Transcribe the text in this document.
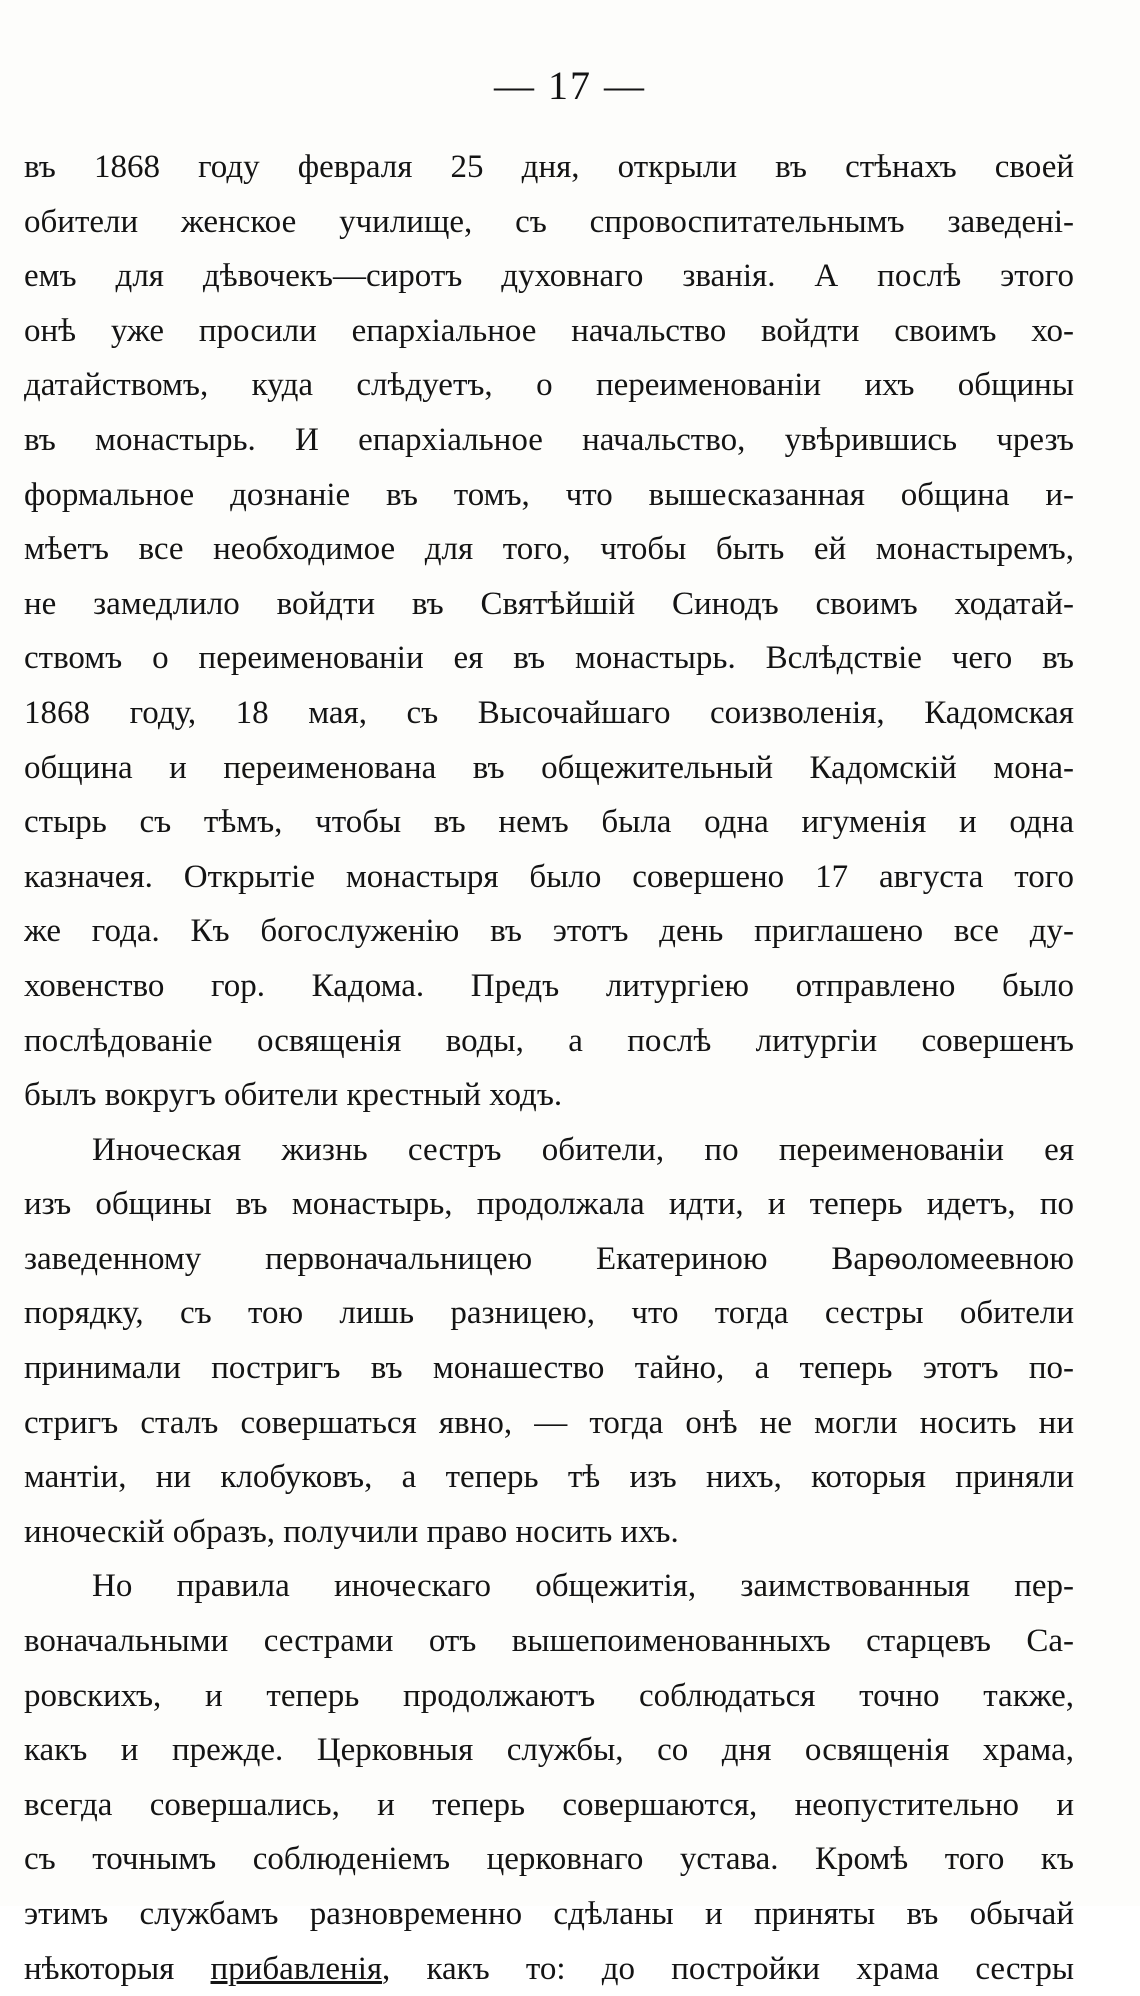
— 17 —
въ 1868 году февраля 25 дня, открыли въ стѣнахъ своей
обители женское училище, съ спровоспитательнымъ заведені-
емъ для дѣвочекъ—сиротъ духовнаго званія. А послѣ этого
онѣ уже просили епархіальное начальство войдти своимъ хо-
датайствомъ, куда слѣдуетъ, о переименованіи ихъ общины
въ монастырь. И епархіальное начальство, увѣрившись чрезъ
формальное дознаніе въ томъ, что вышесказанная община и-
мѣетъ все необходимое для того, чтобы быть ей монастыремъ,
не замедлило войдти въ Святѣйшій Синодъ своимъ ходатай-
ствомъ о переименованіи ея въ монастырь. Вслѣдствіе чего въ
1868 году, 18 мая, съ Высочайшаго соизволенія, Кадомская
община и переименована въ общежительный Кадомскій мона-
стырь съ тѣмъ, чтобы въ немъ была одна игуменія и одна
казначея. Открытіе монастыря было совершено 17 августа того
же года. Къ богослуженію въ этотъ день приглашено все ду-
ховенство гор. Кадома. Предъ литургіею отправлено было
послѣдованіе освященія воды, а послѣ литургіи совершенъ
былъ вокругъ обители крестный ходъ.
Иноческая жизнь сестръ обители, по переименованіи ея
изъ общины въ монастырь, продолжала идти, и теперь идетъ, по
заведенному первоначальницею Екатериною Варѳоломеевною
порядку, съ тою лишь разницею, что тогда сестры обители
принимали постригъ въ монашество тайно, а теперь этотъ по-
стригъ сталъ совершаться явно, — тогда онѣ не могли носить ни
мантіи, ни клобуковъ, а теперь тѣ изъ нихъ, которыя приняли
иноческій образъ, получили право носить ихъ.
Но правила иноческаго общежитія, заимствованныя пер-
воначальными сестрами отъ вышепоименованныхъ старцевъ Са-
ровскихъ, и теперь продолжаютъ соблюдаться точно также,
какъ и прежде. Церковныя службы, со дня освященія храма,
всегда совершались, и теперь совершаются, неопустительно и
съ точнымъ соблюденіемъ церковнаго устава. Кромѣ того къ
этимъ службамъ разновременно сдѣланы и приняты въ обычай
нѣкоторыя прибавленія, какъ то: до постройки храма сестры
